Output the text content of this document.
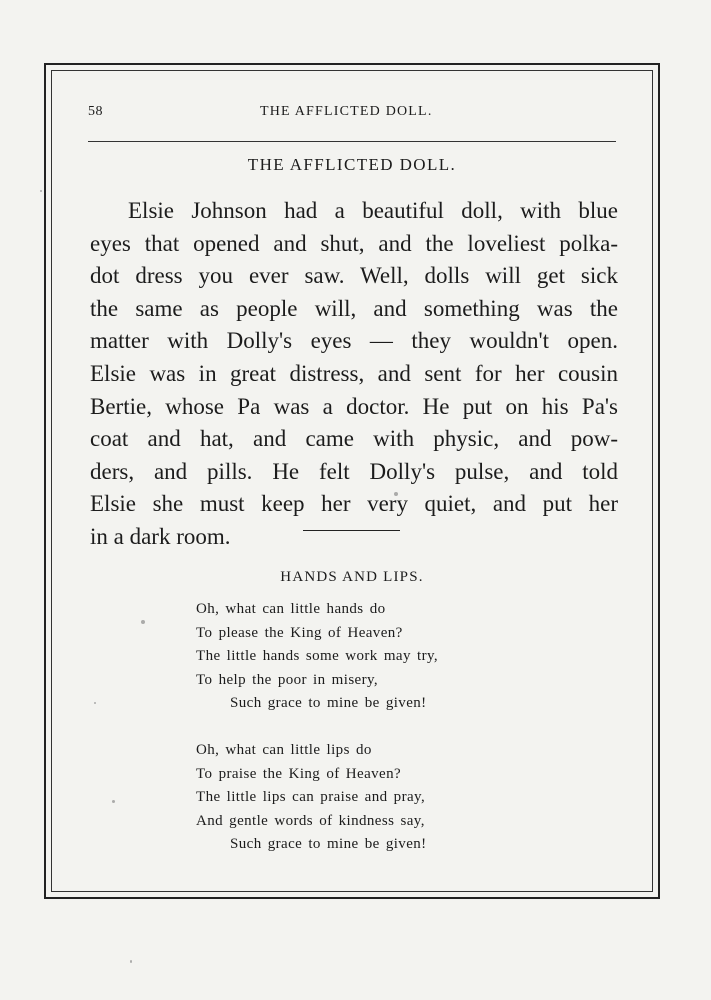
58	THE AFFLICTED DOLL.
THE AFFLICTED DOLL.
Elsie Johnson had a beautiful doll, with blue
eyes that opened and shut, and the loveliest polka-
dot dress you ever saw. Well, dolls will get sick
the same as people will, and something was the
matter with Dolly's eyes — they wouldn't open.
Elsie was in great distress, and sent for her cousin
Bertie, whose Pa was a doctor. He put on his Pa's
coat and hat, and came with physic, and pow-
ders, and pills. He felt Dolly's pulse, and told
Elsie she must keep her very quiet, and put her
in a dark room.
HANDS AND LIPS.
Oh, what can little hands do
To please the King of Heaven?
The little hands some work may try,
To help the poor in misery,
Such grace to mine be given!
Oh, what can little lips do
To praise the King of Heaven?
The little lips can praise and pray,
And gentle words of kindness say,
Such grace to mine be given!
